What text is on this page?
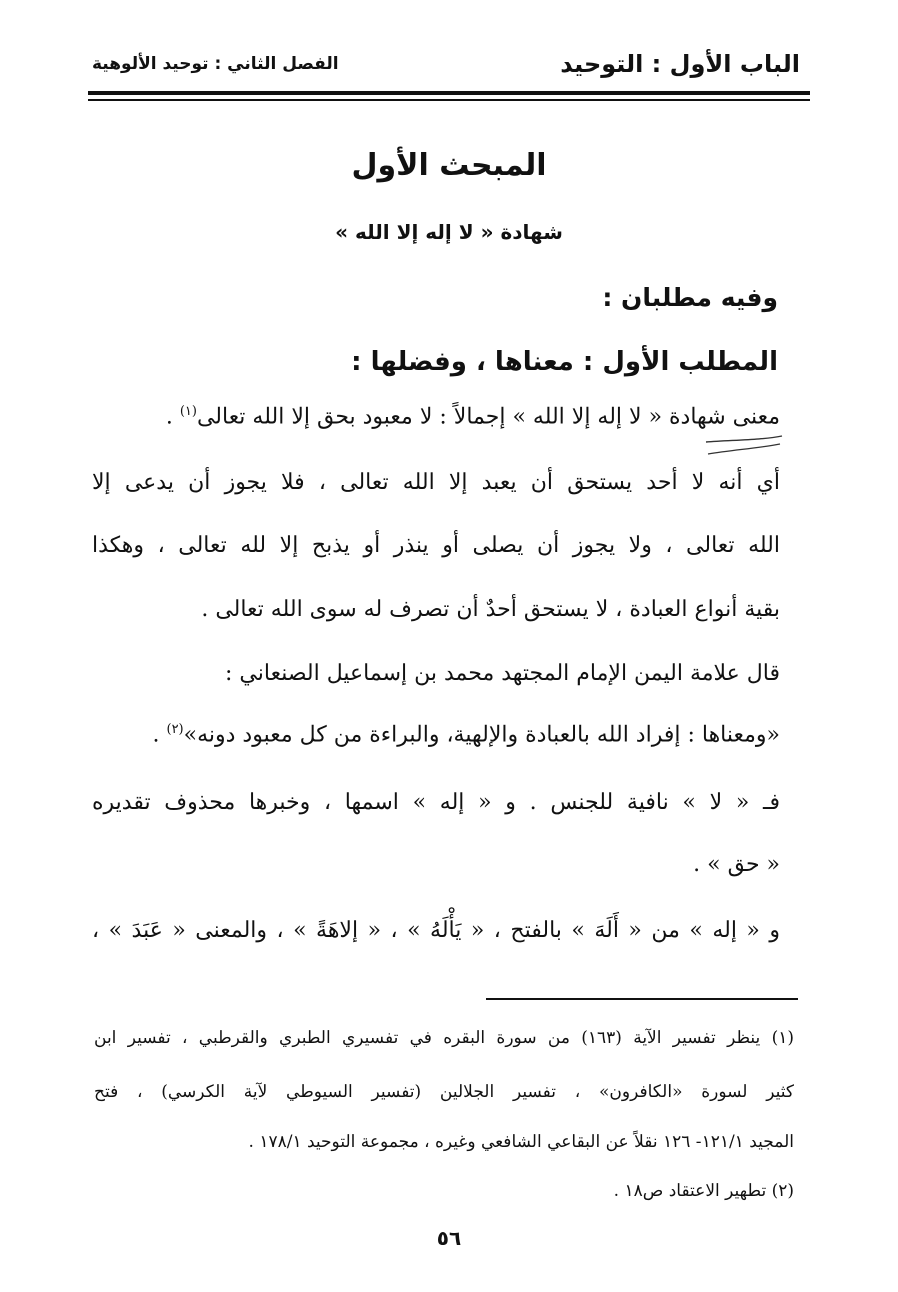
الباب الأول : التوحيد
الفصل الثاني : توحيد الألوهية
المبحث الأول
شهادة « لا إله إلا الله »
وفيه مطلبان :
المطلب الأول : معناها ، وفضلها :
معنى شهادة « لا إله إلا الله » إجمالاً : لا معبود بحق إلا الله تعالى$^{(١)}$ .
أي أنه لا أحد يستحق أن يعبد إلا الله تعالى ، فلا يجوز أن يدعى إلا
الله تعالى ، ولا يجوز أن يصلى أو ينذر أو يذبح إلا لله تعالى ، وهكذا
بقية أنواع العبادة ، لا يستحق أحدٌ أن تصرف له سوى الله تعالى .
قال علامة اليمن الإمام المجتهد محمد بن إسماعيل الصنعاني :
«ومعناها : إفراد الله بالعبادة والإلهية، والبراءة من كل معبود دونه»$^{(٢)}$ .
فـ « لا » نافية للجنس . و « إله » اسمها ، وخبرها محذوف تقديره
« حق » .
و « إله » من « أَلَهَ » بالفتح ، « يَأْلَهُ » ، « إلاهَةً » ، والمعنى « عَبَدَ » ،
(١) ينظر تفسير الآية (١٦٣) من سورة البقره في تفسيري الطبري والقرطبي ، تفسير ابن
كثير لسورة «الكافرون» ، تفسير الجلالين (تفسير السيوطي لآية الكرسي) ، فتح
المجيد ١٢١/١- ١٢٦ نقلاً عن البقاعي الشافعي وغيره ، مجموعة التوحيد ١٧٨/١ .
(٢) تطهير الاعتقاد ص١٨ .
٥٦
